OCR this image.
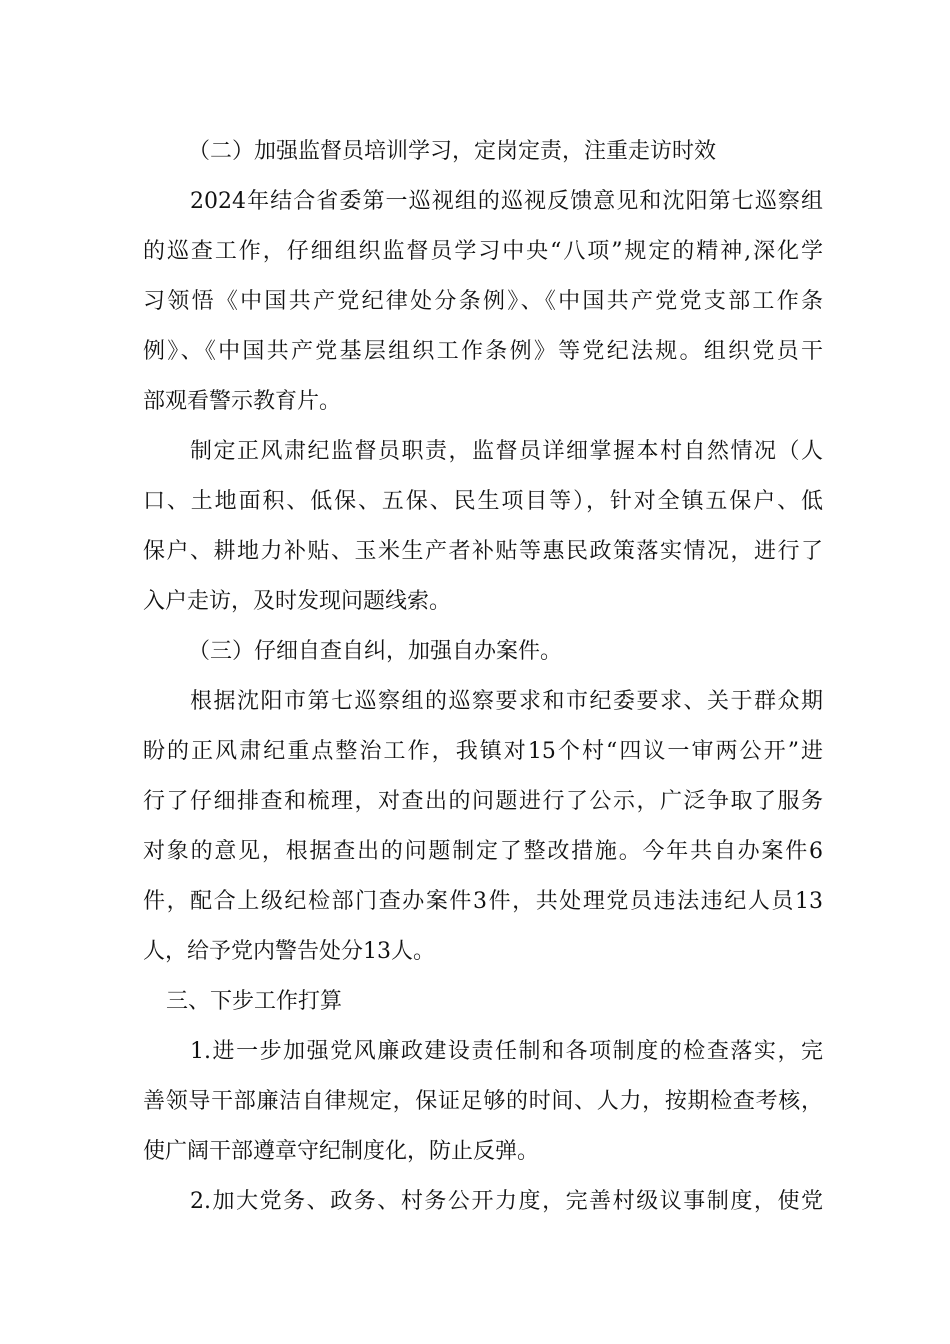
（二）加强监督员培训学习，定岗定责，注重走访时效
2024年结合省委第一巡视组的巡视反馈意见和沈阳第七巡察组
的巡查工作，仔细组织监督员学习中央“八项”规定的精神,深化学
习领悟《中国共产党纪律处分条例》、《中国共产党党支部工作条
例》、《中国共产党基层组织工作条例》等党纪法规。组织党员干
部观看警示教育片。
制定正风肃纪监督员职责，监督员详细掌握本村自然情况（人
口、土地面积、低保、五保、民生项目等），针对全镇五保户、低
保户、耕地力补贴、玉米生产者补贴等惠民政策落实情况，进行了
入户走访，及时发现问题线索。
（三）仔细自查自纠，加强自办案件。
根据沈阳市第七巡察组的巡察要求和市纪委要求、关于群众期
盼的正风肃纪重点整治工作，我镇对15个村“四议一审两公开”进
行了仔细排查和梳理，对查出的问题进行了公示，广泛争取了服务
对象的意见，根据查出的问题制定了整改措施。今年共自办案件6
件，配合上级纪检部门查办案件3件，共处理党员违法违纪人员13
人，给予党内警告处分13人。
三、下步工作打算
1.进一步加强党风廉政建设责任制和各项制度的检查落实，完
善领导干部廉洁自律规定，保证足够的时间、人力，按期检查考核，
使广阔干部遵章守纪制度化，防止反弹。
2.加大党务、政务、村务公开力度，完善村级议事制度，使党
